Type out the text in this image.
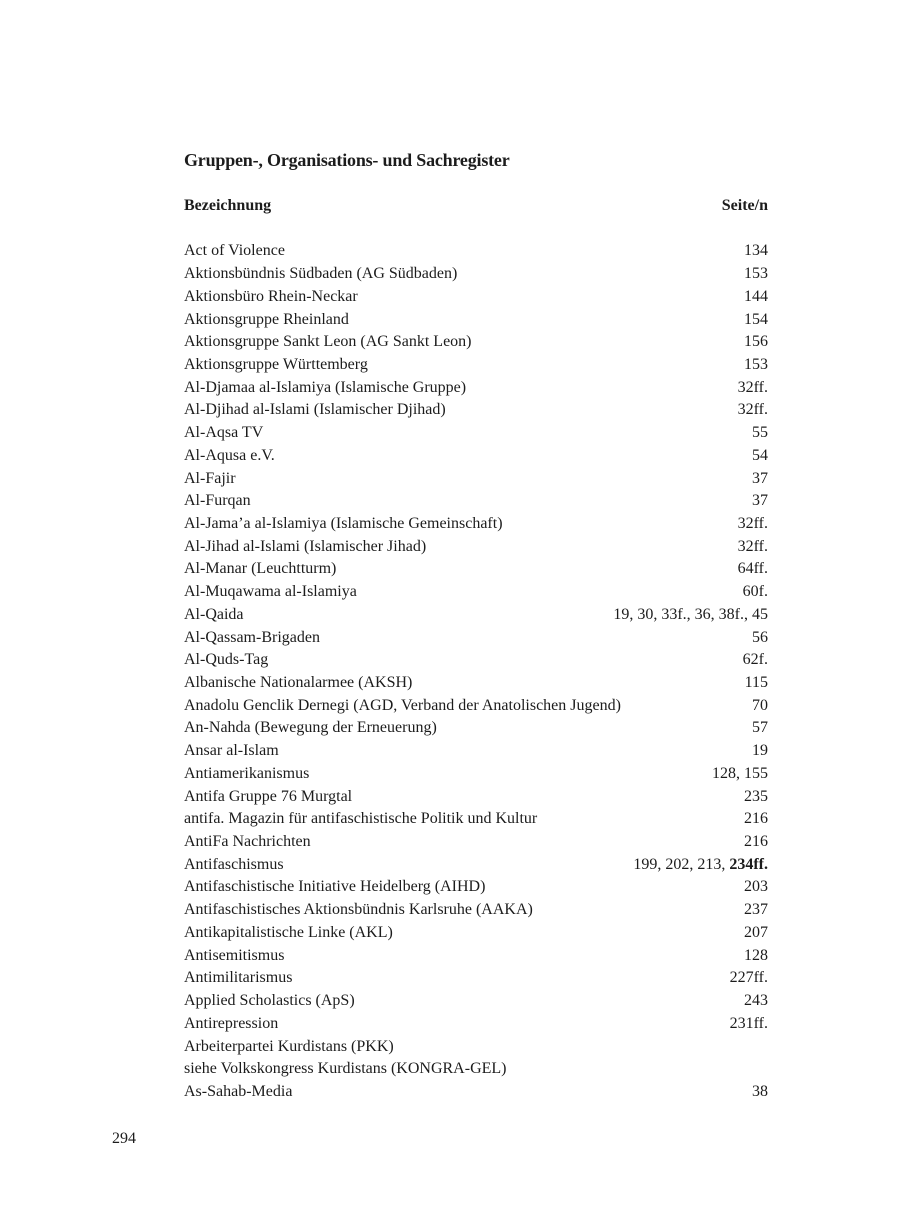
Gruppen-, Organisations- und Sachregister
Bezeichnung	Seite/n
Act of Violence	134
Aktionsbündnis Südbaden (AG Südbaden)	153
Aktionsbüro Rhein-Neckar	144
Aktionsgruppe Rheinland	154
Aktionsgruppe Sankt Leon (AG Sankt Leon)	156
Aktionsgruppe Württemberg	153
Al-Djamaa al-Islamiya (Islamische Gruppe)	32ff.
Al-Djihad al-Islami (Islamischer Djihad)	32ff.
Al-Aqsa TV	55
Al-Aqusa e.V.	54
Al-Fajir	37
Al-Furqan	37
Al-Jama’a al-Islamiya (Islamische Gemeinschaft)	32ff.
Al-Jihad al-Islami (Islamischer Jihad)	32ff.
Al-Manar (Leuchtturm)	64ff.
Al-Muqawama al-Islamiya	60f.
Al-Qaida	19, 30, 33f., 36, 38f., 45
Al-Qassam-Brigaden	56
Al-Quds-Tag	62f.
Albanische Nationalarmee (AKSH)	115
Anadolu Genclik Dernegi (AGD, Verband der Anatolischen Jugend)	70
An-Nahda (Bewegung der Erneuerung)	57
Ansar al-Islam	19
Antiamerikanismus	128, 155
Antifa Gruppe 76 Murgtal	235
antifa. Magazin für antifaschistische Politik und Kultur	216
AntiFa Nachrichten	216
Antifaschismus	199, 202, 213, 234ff.
Antifaschistische Initiative Heidelberg (AIHD)	203
Antifaschistisches Aktionsbündnis Karlsruhe (AAKA)	237
Antikapitalistische Linke (AKL)	207
Antisemitismus	128
Antimilitarismus	227ff.
Applied Scholastics (ApS)	243
Antirepression	231ff.
Arbeiterpartei Kurdistans (PKK)
siehe Volkskongress Kurdistans (KONGRA-GEL)
As-Sahab-Media	38
294
